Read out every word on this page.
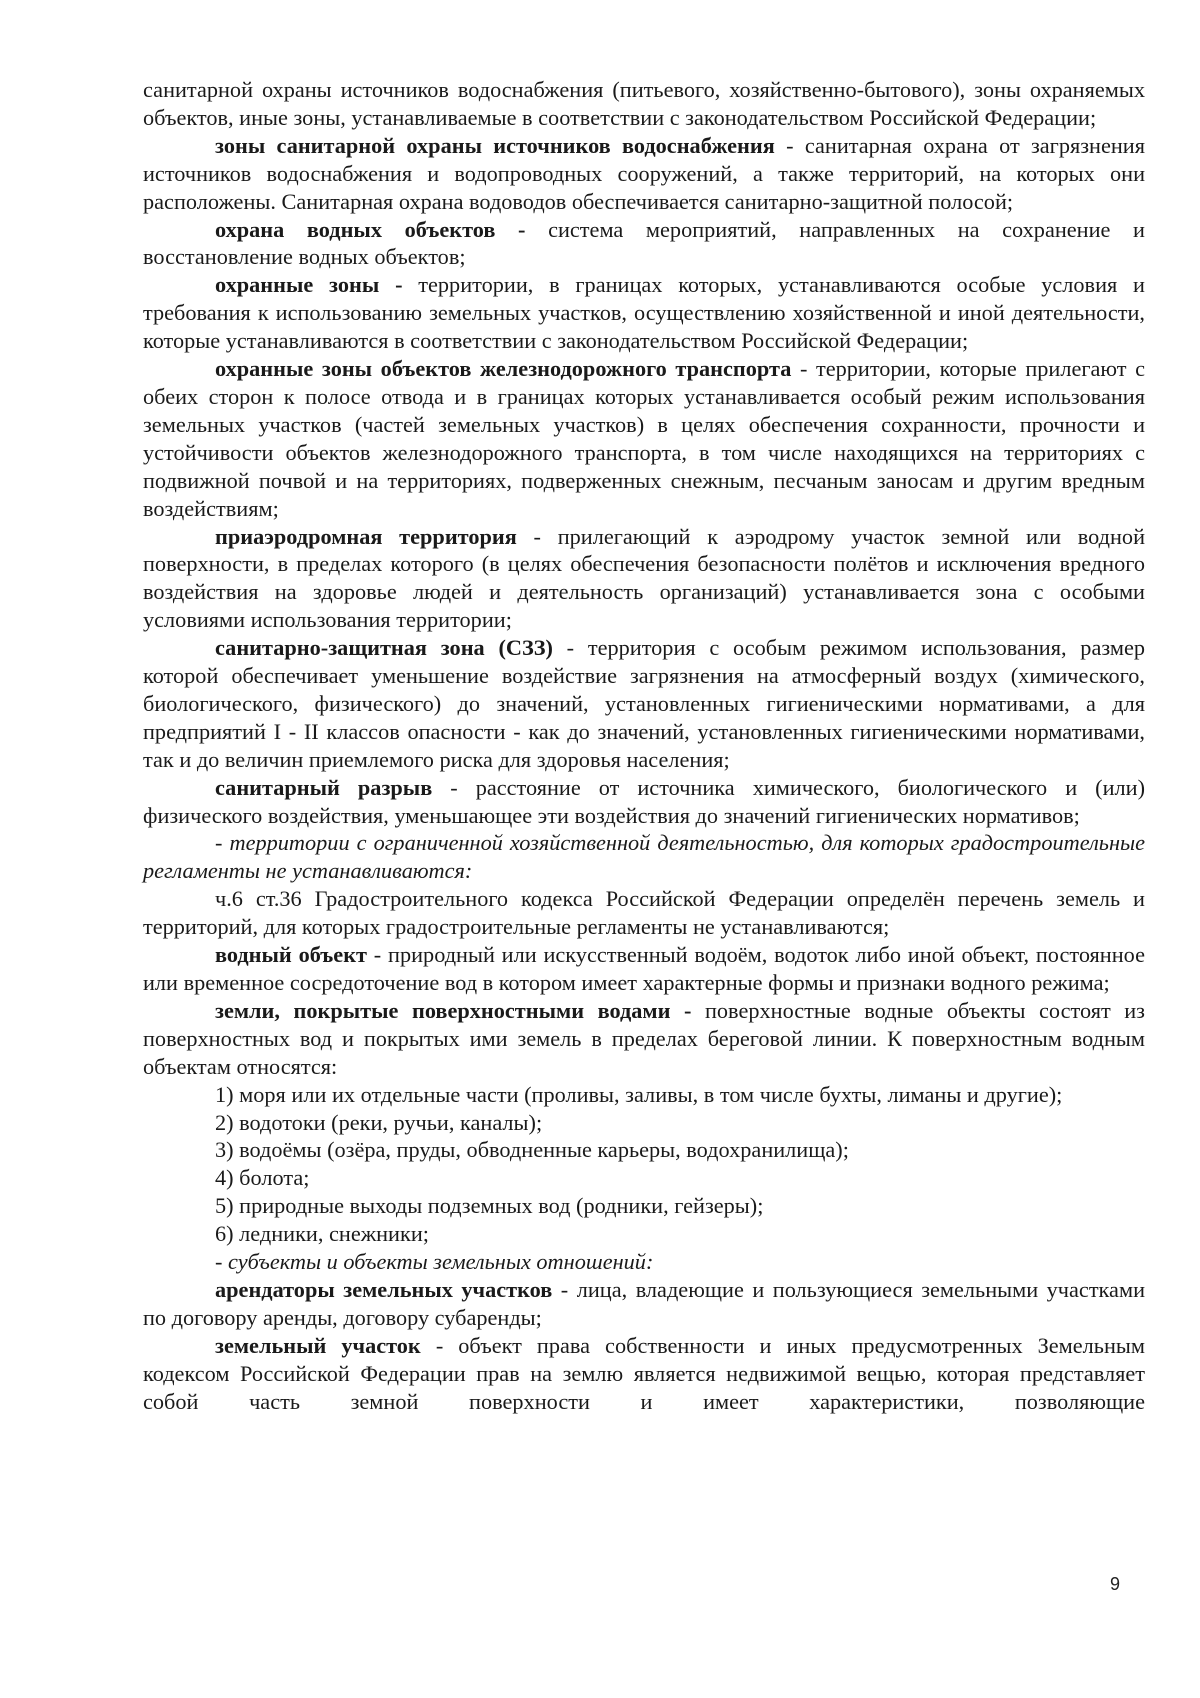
санитарной охраны источников водоснабжения (питьевого, хозяйственно-бытового), зоны охраняемых объектов, иные зоны, устанавливаемые в соответствии с законодательством Российской Федерации;

зоны санитарной охраны источников водоснабжения - санитарная охрана от загрязнения источников водоснабжения и водопроводных сооружений, а также территорий, на которых они расположены. Санитарная охрана водоводов обеспечивается санитарно-защитной полосой;

охрана водных объектов - система мероприятий, направленных на сохранение и восстановление водных объектов;

охранные зоны - территории, в границах которых, устанавливаются особые условия и требования к использованию земельных участков, осуществлению хозяйственной и иной деятельности, которые устанавливаются в соответствии с законодательством Российской Федерации;

охранные зоны объектов железнодорожного транспорта - территории, которые прилегают с обеих сторон к полосе отвода и в границах которых устанавливается особый режим использования земельных участков (частей земельных участков) в целях обеспечения сохранности, прочности и устойчивости объектов железнодорожного транспорта, в том числе находящихся на территориях с подвижной почвой и на территориях, подверженных снежным, песчаным заносам и другим вредным воздействиям;

приаэродромная территория - прилегающий к аэродрому участок земной или водной поверхности, в пределах которого (в целях обеспечения безопасности полётов и исключения вредного воздействия на здоровье людей и деятельность организаций) устанавливается зона с особыми условиями использования территории;

санитарно-защитная зона (СЗЗ) - территория с особым режимом использования, размер которой обеспечивает уменьшение воздействие загрязнения на атмосферный воздух (химического, биологического, физического) до значений, установленных гигиеническими нормативами, а для предприятий I - II классов опасности - как до значений, установленных гигиеническими нормативами, так и до величин приемлемого риска для здоровья населения;

санитарный разрыв - расстояние от источника химического, биологического и (или) физического воздействия, уменьшающее эти воздействия до значений гигиенических нормативов;

- территории с ограниченной хозяйственной деятельностью, для которых градостроительные регламенты не устанавливаются:

ч.6 ст.36 Градостроительного кодекса Российской Федерации определён перечень земель и территорий, для которых градостроительные регламенты не устанавливаются;

водный объект - природный или искусственный водоём, водоток либо иной объект, постоянное или временное сосредоточение вод в котором имеет характерные формы и признаки водного режима;

земли, покрытые поверхностными водами - поверхностные водные объекты состоят из поверхностных вод и покрытых ими земель в пределах береговой линии. К поверхностным водным объектам относятся:

1) моря или их отдельные части (проливы, заливы, в том числе бухты, лиманы и другие);

2) водотоки (реки, ручьи, каналы);

3) водоёмы (озёра, пруды, обводненные карьеры, водохранилища);

4) болота;

5) природные выходы подземных вод (родники, гейзеры);

6) ледники, снежники;

- субъекты и объекты земельных отношений:

арендаторы земельных участков - лица, владеющие и пользующиеся земельными участками по договору аренды, договору субаренды;

земельный участок - объект права собственности и иных предусмотренных Земельным кодексом Российской Федерации прав на землю является недвижимой вещью, которая представляет собой часть земной поверхности и имеет характеристики, позволяющие

9
